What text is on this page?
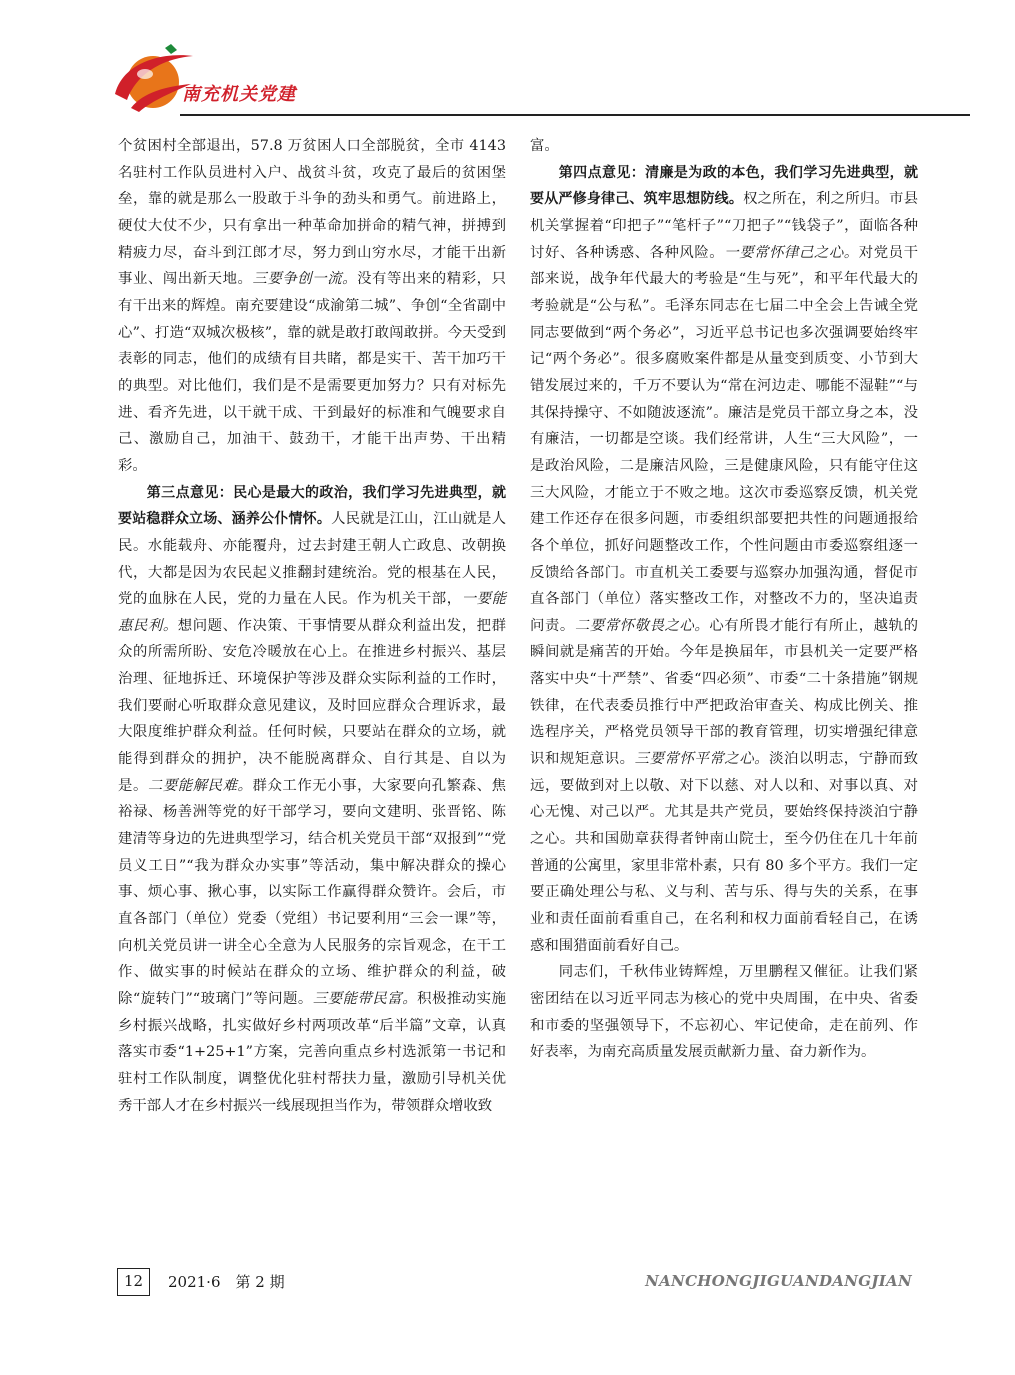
南充机关党建

个贫困村全部退出，57.8 万贫困人口全部脱贫，全市 4143 名驻村工作队员进村入户、战贫斗贫，攻克了最后的贫困堡垒，靠的就是那么一股敢于斗争的劲头和勇气。前进路上，硬仗大仗不少，只有拿出一种革命加拼命的精气神，拼搏到精疲力尽，奋斗到江郎才尽，努力到山穷水尽，才能干出新事业、闯出新天地。三要争创一流。没有等出来的精彩，只有干出来的辉煌。南充要建设“成渝第二城”、争创“全省副中心”、打造“双城次极核”，靠的就是敢打敢闯敢拼。今天受到表彰的同志，他们的成绩有目共睹，都是实干、苦干加巧干的典型。对比他们，我们是不是需要更加努力？只有对标先进、看齐先进，以干就干成、干到最好的标准和气魄要求自己、激励自己，加油干、鼓劲干，才能干出声势、干出精彩。

第三点意见：民心是最大的政治，我们学习先进典型，就要站稳群众立场、涵养公仆情怀。人民就是江山，江山就是人民。水能载舟、亦能覆舟，过去封建王朝人亡政息、改朝换代，大都是因为农民起义推翻封建统治。党的根基在人民，党的血脉在人民，党的力量在人民。作为机关干部，一要能惠民利。想问题、作决策、干事情要从群众利益出发，把群众的所需所盼、安危冷暖放在心上。在推进乡村振兴、基层治理、征地拆迁、环境保护等涉及群众实际利益的工作时，我们要耐心听取群众意见建议，及时回应群众合理诉求，最大限度维护群众利益。任何时候，只要站在群众的立场，就能得到群众的拥护，决不能脱离群众、自行其是、自以为是。二要能解民难。群众工作无小事，大家要向孔繁森、焦裕禄、杨善洲等党的好干部学习，要向文建明、张晋铭、陈建清等身边的先进典型学习，结合机关党员干部“双报到”“党员义工日”“我为群众办实事”等活动，集中解决群众的操心事、烦心事、揪心事，以实际工作赢得群众赞许。会后，市直各部门（单位）党委（党组）书记要利用“三会一课”等，向机关党员讲一讲全心全意为人民服务的宗旨观念，在干工作、做实事的时候站在群众的立场、维护群众的利益，破除“旋转门”“玻璃门”等问题。三要能带民富。积极推动实施乡村振兴战略，扎实做好乡村两项改革“后半篇”文章，认真落实市委“1+25+1”方案，完善向重点乡村选派第一书记和驻村工作队制度，调整优化驻村帮扶力量，激励引导机关优秀干部人才在乡村振兴一线展现担当作为，带领群众增收致

富。

第四点意见：清廉是为政的本色，我们学习先进典型，就要从严修身律己、筑牢思想防线。权之所在，利之所归。市县机关掌握着“印把子”“笔杆子”“刀把子”“钱袋子”，面临各种讨好、各种诱惑、各种风险。一要常怀律己之心。对党员干部来说，战争年代最大的考验是“生与死”，和平年代最大的考验就是“公与私”。毛泽东同志在七届二中全会上告诫全党同志要做到“两个务必”，习近平总书记也多次强调要始终牢记“两个务必”。很多腐败案件都是从量变到质变、小节到大错发展过来的，千万不要认为“常在河边走、哪能不湿鞋”“与其保持操守、不如随波逐流”。廉洁是党员干部立身之本，没有廉洁，一切都是空谈。我们经常讲，人生“三大风险”，一是政治风险，二是廉洁风险，三是健康风险，只有能守住这三大风险，才能立于不败之地。这次市委巡察反馈，机关党建工作还存在很多问题，市委组织部要把共性的问题通报给各个单位，抓好问题整改工作，个性问题由市委巡察组逐一反馈给各部门。市直机关工委要与巡察办加强沟通，督促市直各部门（单位）落实整改工作，对整改不力的，坚决追责问责。二要常怀敬畏之心。心有所畏才能行有所止，越轨的瞬间就是痛苦的开始。今年是换届年，市县机关一定要严格落实中央“十严禁”、省委“四必须”、市委“二十条措施”钢规铁律，在代表委员推行中严把政治审查关、构成比例关、推选程序关，严格党员领导干部的教育管理，切实增强纪律意识和规矩意识。三要常怀平常之心。淡泊以明志，宁静而致远，要做到对上以敬、对下以慈、对人以和、对事以真、对心无愧、对己以严。尤其是共产党员，要始终保持淡泊宁静之心。共和国勋章获得者钟南山院士，至今仍住在几十年前普通的公寓里，家里非常朴素，只有 80 多个平方。我们一定要正确处理公与私、义与利、苦与乐、得与失的关系，在事业和责任面前看重自己，在名利和权力面前看轻自己，在诱惑和围猎面前看好自己。

同志们，千秋伟业铸辉煌，万里鹏程又催征。让我们紧密团结在以习近平同志为核心的党中央周围，在中央、省委和市委的坚强领导下，不忘初心、牢记使命，走在前列、作好表率，为南充高质量发展贡献新力量、奋力新作为。

12	2021·6　第 2 期	NANCHONGJIGUANDANGJIAN
